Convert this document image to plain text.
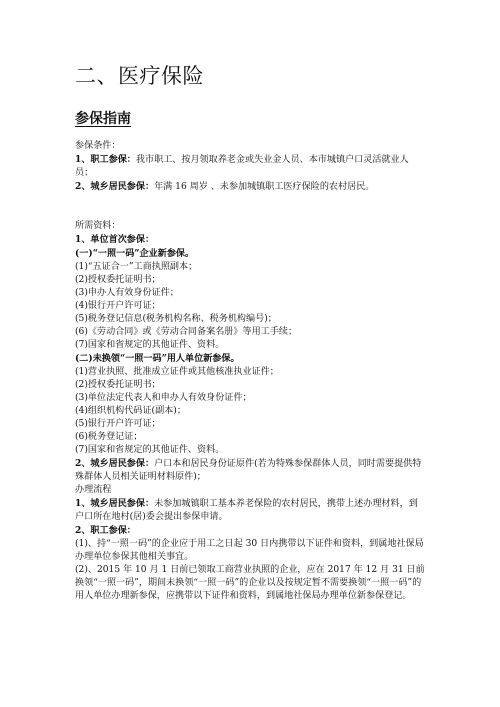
二、医疗保险
参保指南

参保条件：

1、职工参保：我市职工、按月领取养老金或失业金人员、本市城镇户口灵活就业人员；

2、城乡居民参保：年满 16 周岁 、未参加城镇职工医疗保险的农村居民。

所需资料：

1、单位首次参保：

(一)“一照一码”企业新参保。

(1)“五证合一”工商执照副本；

(2)授权委托证明书；

(3)申办人有效身份证件；

(4)银行开户许可证；

(5)税务登记信息(税务机构名称、税务机构编号)；

(6)《劳动合同》或《劳动合同备案名册》等用工手续；

(7)国家和省规定的其他证件、资料。

(二)未换领“一照一码”用人单位新参保。

(1)营业执照、批准成立证件或其他核准执业证件；

(2)授权委托证明书；

(3)单位法定代表人和申办人有效身份证件；

(4)组织机构代码证(副本)；

(5)银行开户许可证；

(6)税务登记证；

(7)国家和省规定的其他证件、资料。

2、城乡居民参保：户口本和居民身份证原件(若为特殊参保群体人员，同时需要提供特殊群体人员相关证明材料原件)；

办理流程

1、城乡居民参保：未参加城镇职工基本养老保险的农村居民，携带上述办理材料，到户口所在地村(居)委会提出参保申请。

2、职工参保：

(1)、持“一照一码”的企业应于用工之日起 30 日内携带以下证件和资料，到属地社保局办理单位参保其他相关事宜。

(2)、2015 年 10 月 1 日前已领取工商营业执照的企业，应在 2017 年 12 月 31 日前换领“一照一码”，期间未换领“一照一码”的企业以及按规定暂不需要换领“一照一码”的用人单位办理新参保，应携带以下证件和资料，到属地社保局办理单位新参保登记。
